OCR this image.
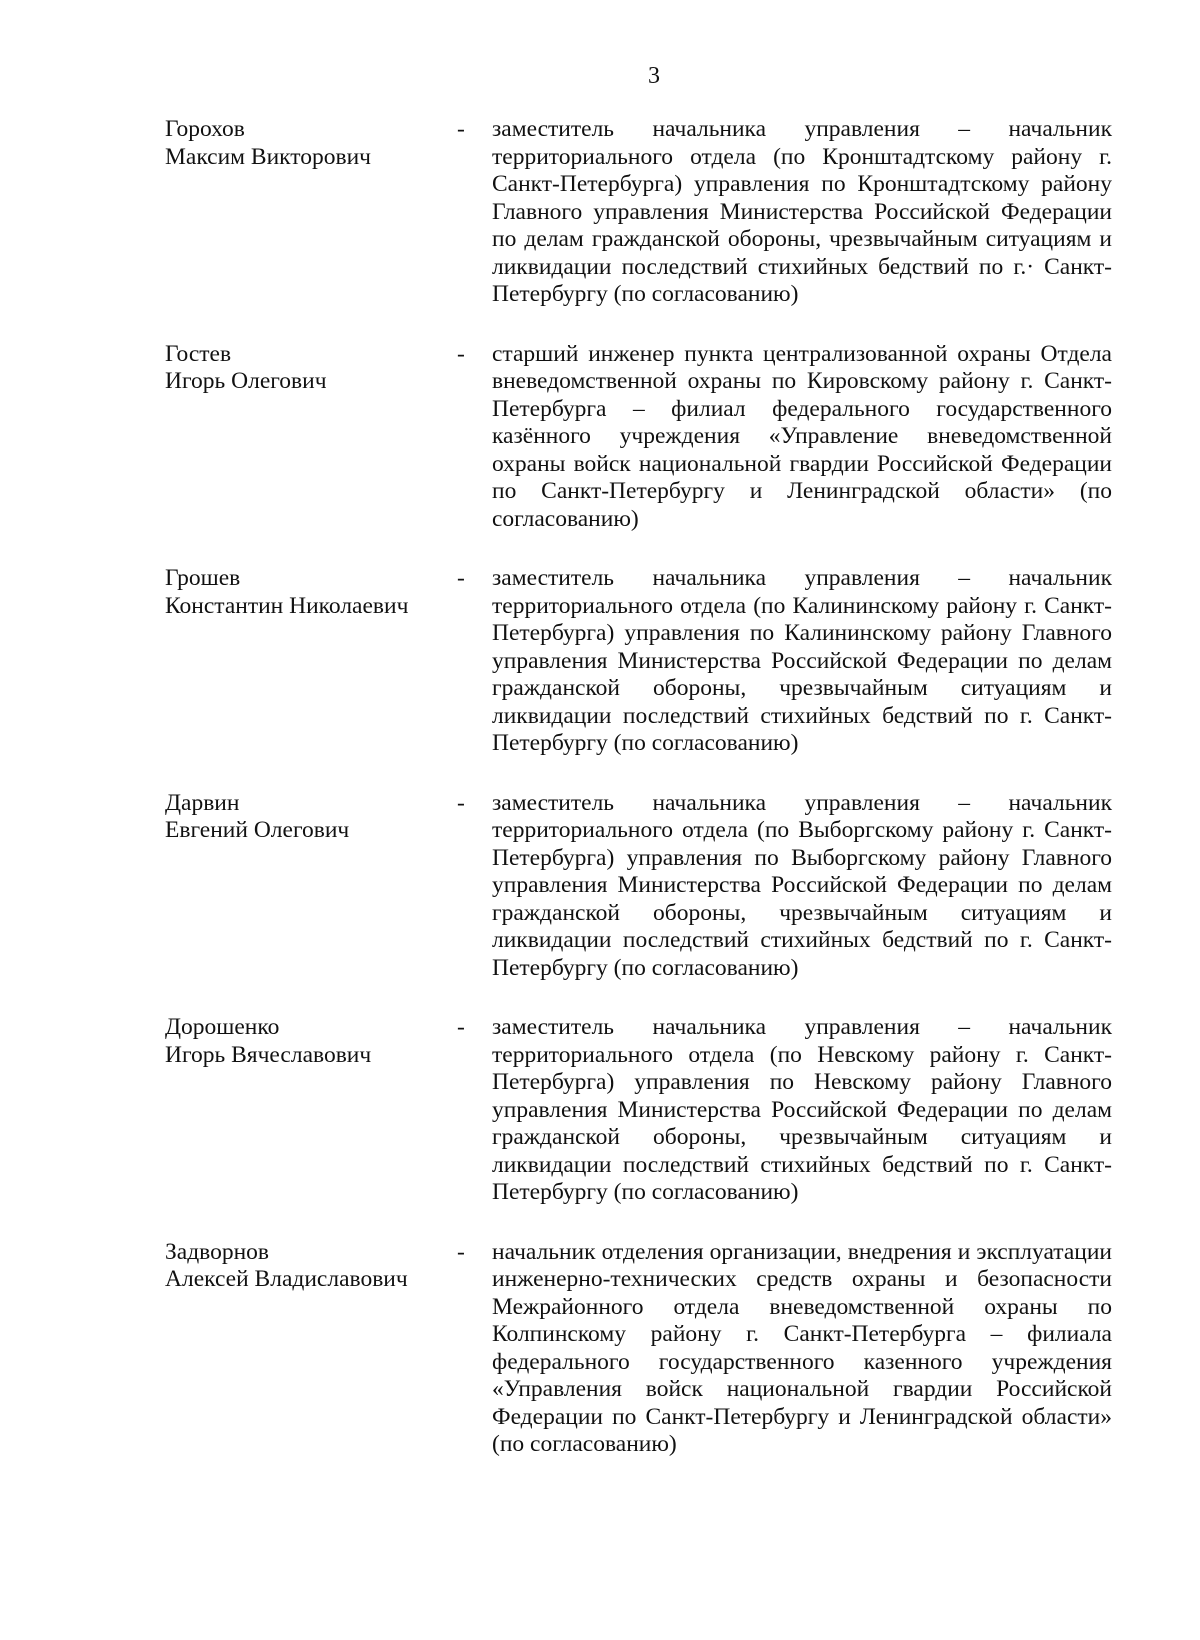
3
Горохов
Максим Викторович
-	заместитель начальника управления – начальник территориального отдела (по Кронштадтскому району г. Санкт-Петербурга) управления по Кронштадтскому району Главного управления Министерства Российской Федерации по делам гражданской обороны, чрезвычайным ситуациям и ликвидации последствий стихийных бедствий по г.· Санкт-Петербургу (по согласованию)
Гостев
Игорь Олегович
-	старший инженер пункта централизованной охраны Отдела вневедомственной охраны по Кировскому району г. Санкт-Петербурга – филиал федерального государственного казённого учреждения «Управление вневедомственной охраны войск национальной гвардии Российской Федерации по Санкт-Петербургу и Ленинградской области» (по согласованию)
Грошев
Константин Николаевич
-	заместитель начальника управления – начальник территориального отдела (по Калининскому району г. Санкт-Петербурга) управления по Калининскому району Главного управления Министерства Российской Федерации по делам гражданской обороны, чрезвычайным ситуациям и ликвидации последствий стихийных бедствий по г. Санкт-Петербургу (по согласованию)
Дарвин
Евгений Олегович
-	заместитель начальника управления – начальник территориального отдела (по Выборгскому району г. Санкт-Петербурга) управления по Выборгскому району Главного управления Министерства Российской Федерации по делам гражданской обороны, чрезвычайным ситуациям и ликвидации последствий стихийных бедствий по г. Санкт-Петербургу (по согласованию)
Дорошенко
Игорь Вячеславович
-	заместитель начальника управления – начальник территориального отдела (по Невскому району г. Санкт-Петербурга) управления по Невскому району Главного управления Министерства Российской Федерации по делам гражданской обороны, чрезвычайным ситуациям и ликвидации последствий стихийных бедствий по г. Санкт-Петербургу (по согласованию)
Задворнов
Алексей Владиславович
-	начальник отделения организации, внедрения и эксплуатации инженерно-технических средств охраны и безопасности Межрайонного отдела вневедомственной охраны по Колпинскому району г. Санкт-Петербурга – филиала федерального государственного казенного учреждения «Управления войск национальной гвардии Российской Федерации по Санкт-Петербургу и Ленинградской области» (по согласованию)
